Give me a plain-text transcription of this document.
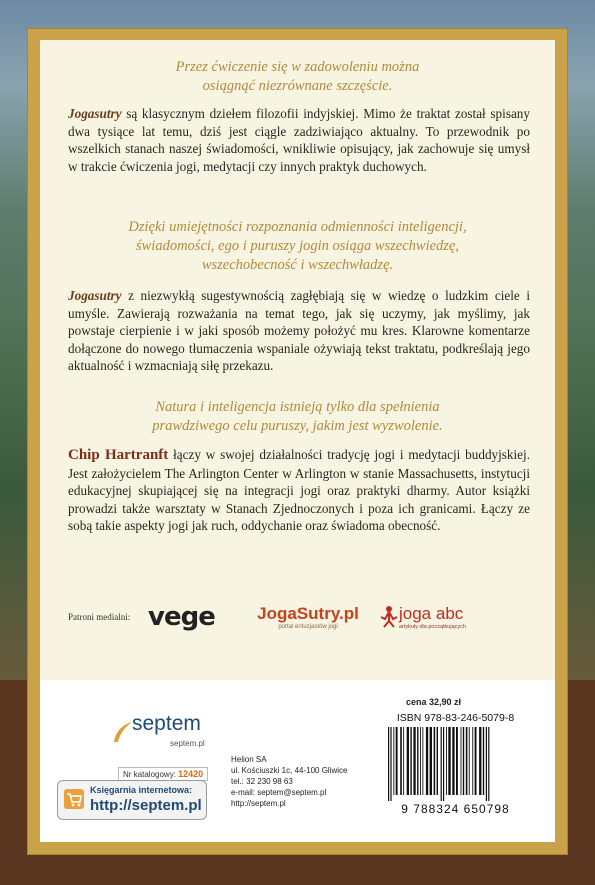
Przez ćwiczenie się w zadowoleniu można
osiągnąć niezrównane szczęście.
Jogasutry są klasycznym dziełem filozofii indyjskiej. Mimo że traktat został spisany dwa tysiące lat temu, dziś jest ciągle zadziwiająco aktualny. To przewodnik po wszelkich stanach naszej świadomości, wnikliwie opisujący, jak zachowuje się umysł w trakcie ćwiczenia jogi, medytacji czy innych praktyk duchowych.
Dzięki umiejętności rozpoznania odmienności inteligencji,
świadomości, ego i puruszy jogin osiąga wszechwiedzę,
wszechobecność i wszechwładzę.
Jogasutry z niezwykłą sugestywnością zagłębiają się w wiedzę o ludzkim ciele i umyśle. Zawierają rozważania na temat tego, jak się uczymy, jak myślimy, jak powstaje cierpienie i w jaki sposób możemy położyć mu kres. Klarowne komentarze dołączone do nowego tłumaczenia wspaniale ożywiają tekst traktatu, podkreślają jego aktualność i wzmacniają siłę przekazu.
Natura i inteligencja istnieją tylko dla spełnienia
prawdziwego celu puruszy, jakim jest wyzwolenie.
Chip Hartranft łączy w swojej działalności tradycję jogi i medytacji buddyjskiej. Jest założycielem The Arlington Center w Arlington w stanie Massachusetts, instytucji edukacyjnej skupiającej się na integracji jogi oraz praktyki dharmy. Autor książki prowadzi także warsztaty w Stanach Zjednoczonych i poza ich granicami. Łączy ze sobą takie aspekty jogi jak ruch, oddychanie oraz świadoma obecność.
Patroni medialni: vege	JogaSutry.pl
portal entuzjastów jogi
joga abc
artykuły dla początkujących
septem
septem.pl
Nr katalogowy: 12420
Księgarnia internetowa:
http://septem.pl
Helion SA
ul. Kościuszki 1c, 44-100 Gliwice
tel.: 32 230 98 63
e-mail: septem@septem.pl
http://septem.pl
cena 32,90 zł
ISBN 978-83-246-5079-8
9 788324 650798
